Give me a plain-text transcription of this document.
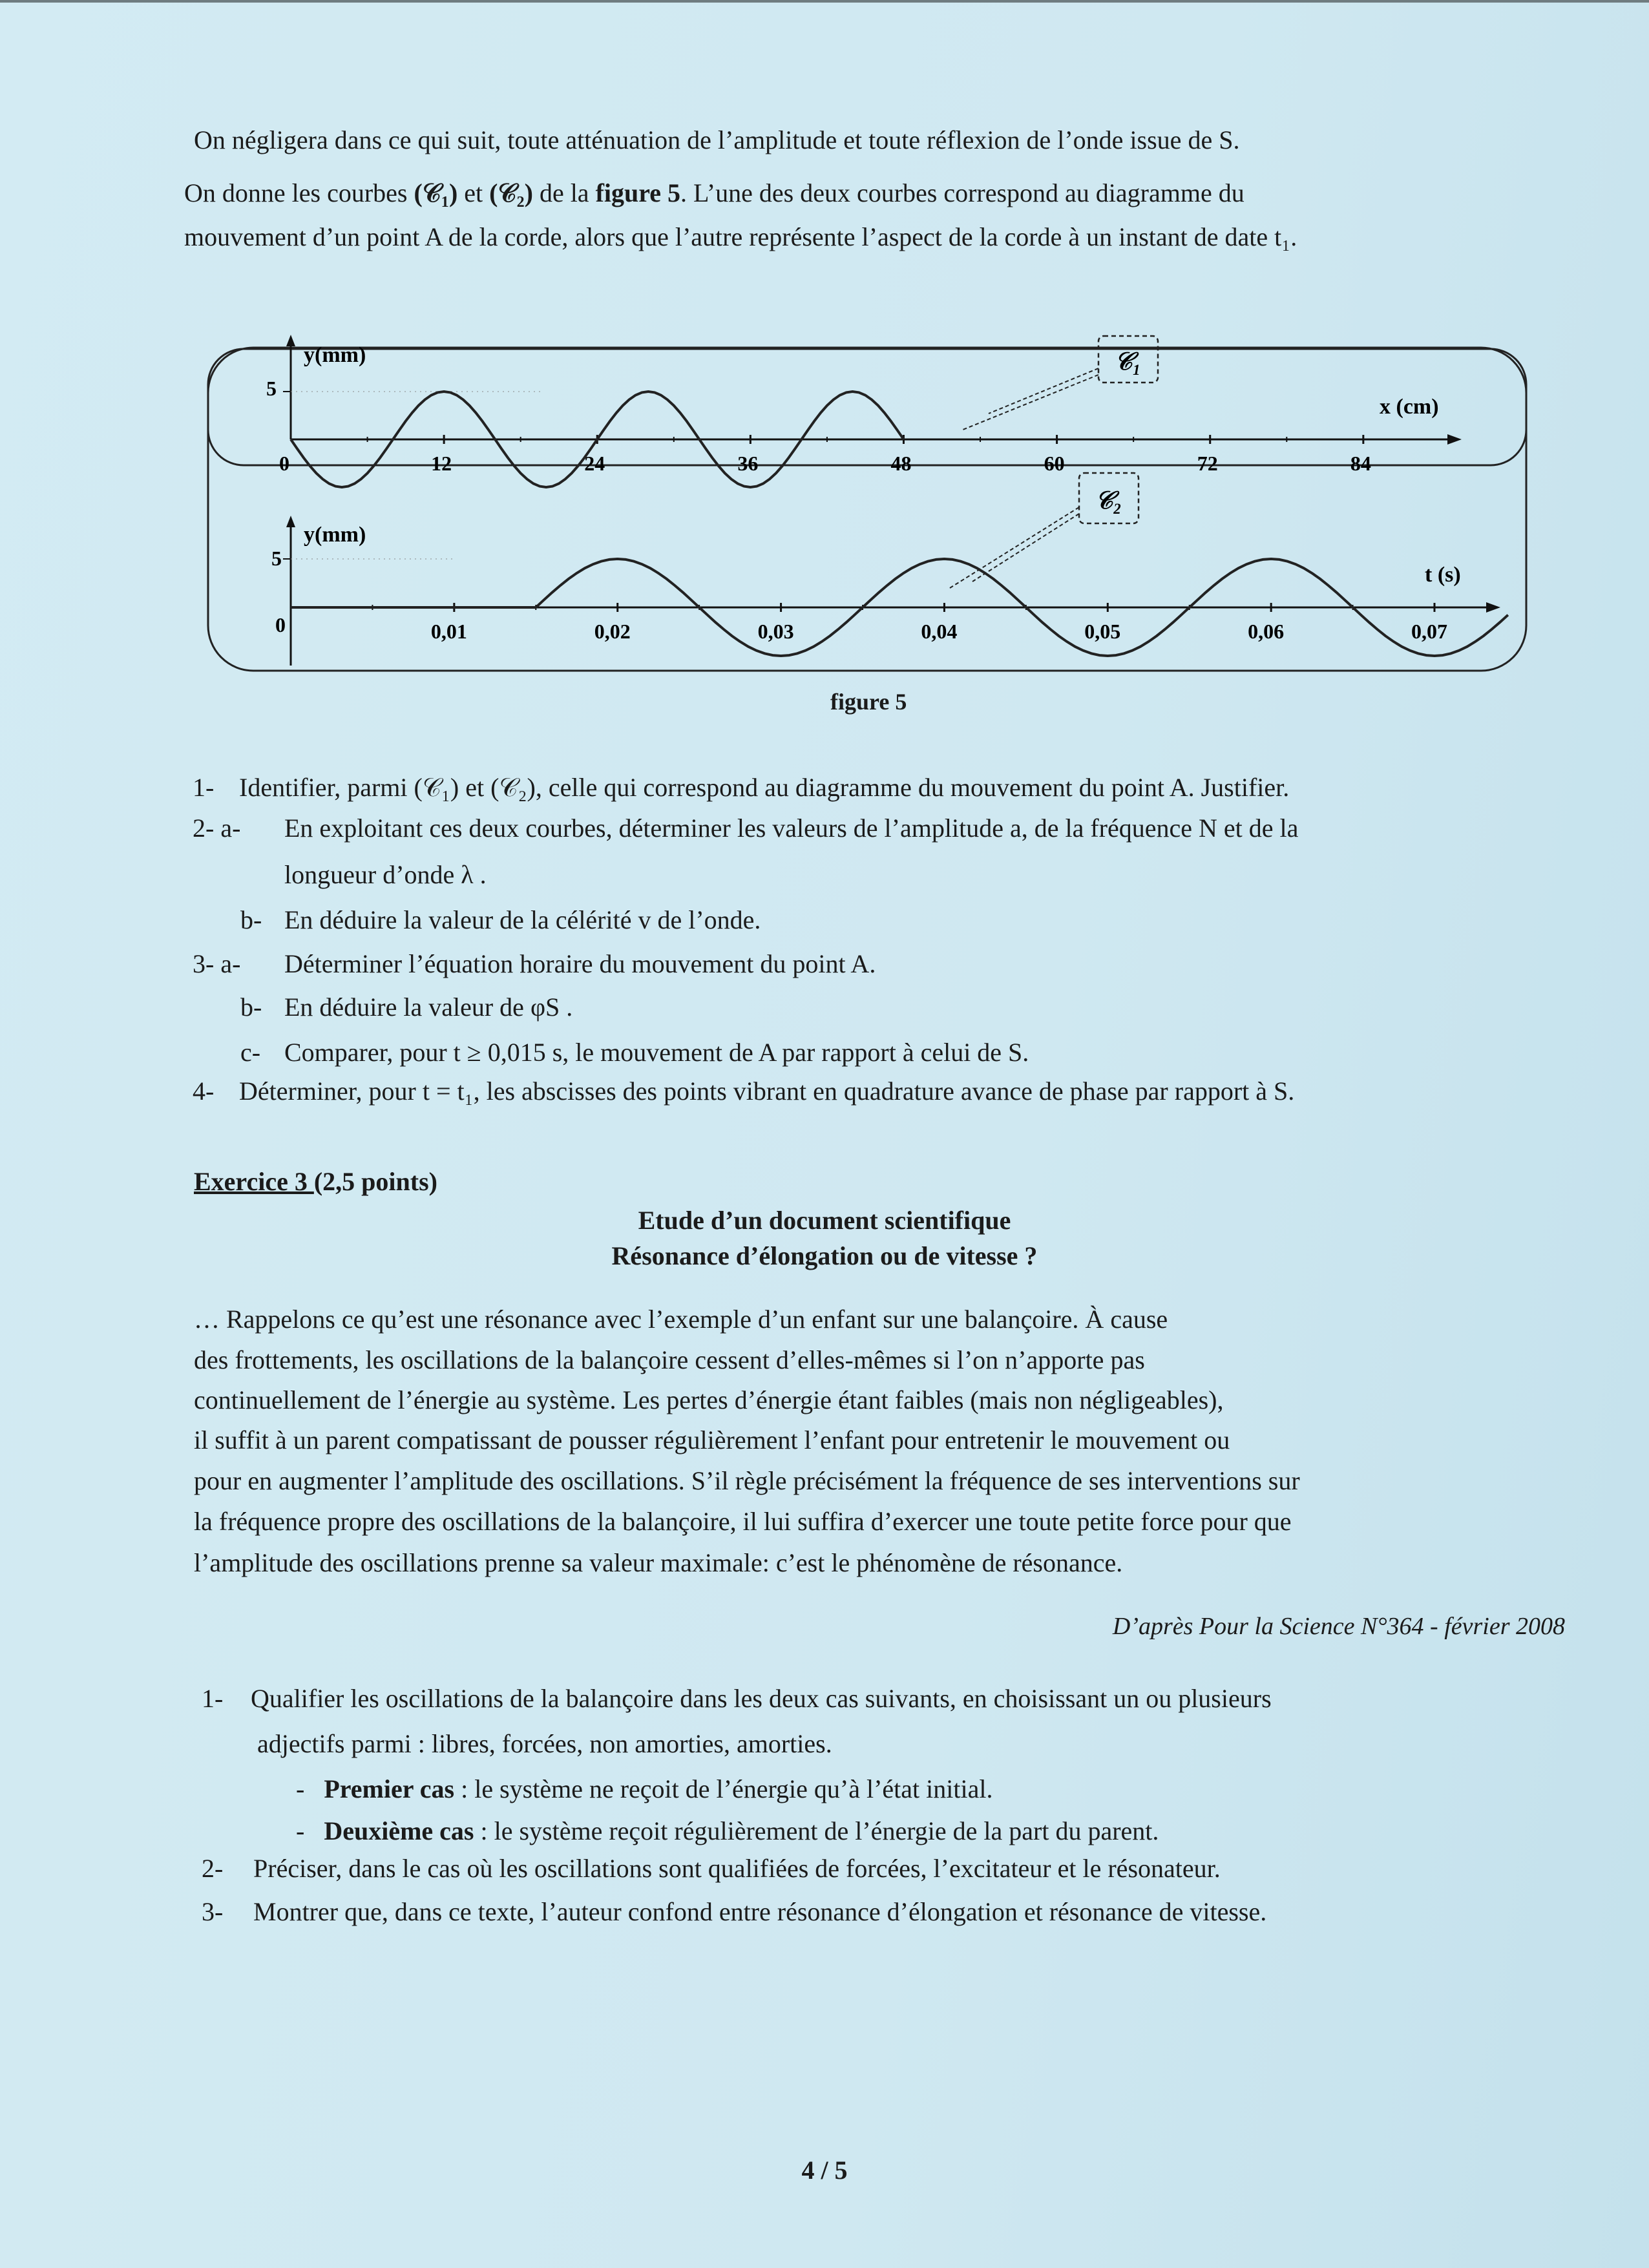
On négligera dans ce qui suit, toute atténuation de l’amplitude et toute réflexion de l’onde issue de S.
On donne les courbes (𝒞₁) et (𝒞₂) de la figure 5. L’une des deux courbes correspond au diagramme du
mouvement d’un point A de la corde, alors que l’autre représente l’aspect de la corde à un instant de date t₁.
y(mm)
x (cm)
5
0	12	24	36	48	60	72	84
𝒞₁
y(mm)
t (s)
5
0	0,01	0,02	0,03	0,04	0,05	0,06	0,07
𝒞₂
figure 5
1- Identifier, parmi (𝒞₁) et (𝒞₂), celle qui correspond au diagramme du mouvement du point A. Justifier.
2- a- En exploitant ces deux courbes, déterminer les valeurs de l’amplitude a, de la fréquence N et de la
longueur d’onde λ .
b- En déduire la valeur de la célérité v de l’onde.
3- a- Déterminer l’équation horaire du mouvement du point A.
b- En déduire la valeur de φS .
c- Comparer, pour t ≥ 0,015 s, le mouvement de A par rapport à celui de S.
4- Déterminer, pour t = t₁, les abscisses des points vibrant en quadrature avance de phase par rapport à S.
Exercice 3 (2,5 points)
Etude d’un document scientifique
Résonance d’élongation ou de vitesse ?
… Rappelons ce qu’est une résonance avec l’exemple d’un enfant sur une balançoire. À cause
des frottements, les oscillations de la balançoire cessent d’elles-mêmes si l’on n’apporte pas
continuellement de l’énergie au système. Les pertes d’énergie étant faibles (mais non négligeables),
il suffit à un parent compatissant de pousser régulièrement l’enfant pour entretenir le mouvement ou
pour en augmenter l’amplitude des oscillations. S’il règle précisément la fréquence de ses interventions sur
la fréquence propre des oscillations de la balançoire, il lui suffira d’exercer une toute petite force pour que
l’amplitude des oscillations prenne sa valeur maximale: c’est le phénomène de résonance.
D’après Pour la Science N°364 - février 2008
1- Qualifier les oscillations de la balançoire dans les deux cas suivants, en choisissant un ou plusieurs
adjectifs parmi : libres, forcées, non amorties, amorties.
-   Premier cas : le système ne reçoit de l’énergie qu’à l’état initial.
-   Deuxième cas : le système reçoit régulièrement de l’énergie de la part du parent.
2- Préciser, dans le cas où les oscillations sont qualifiées de forcées, l’excitateur et le résonateur.
3- Montrer que, dans ce texte, l’auteur confond entre résonance d’élongation et résonance de vitesse.
4 / 5
